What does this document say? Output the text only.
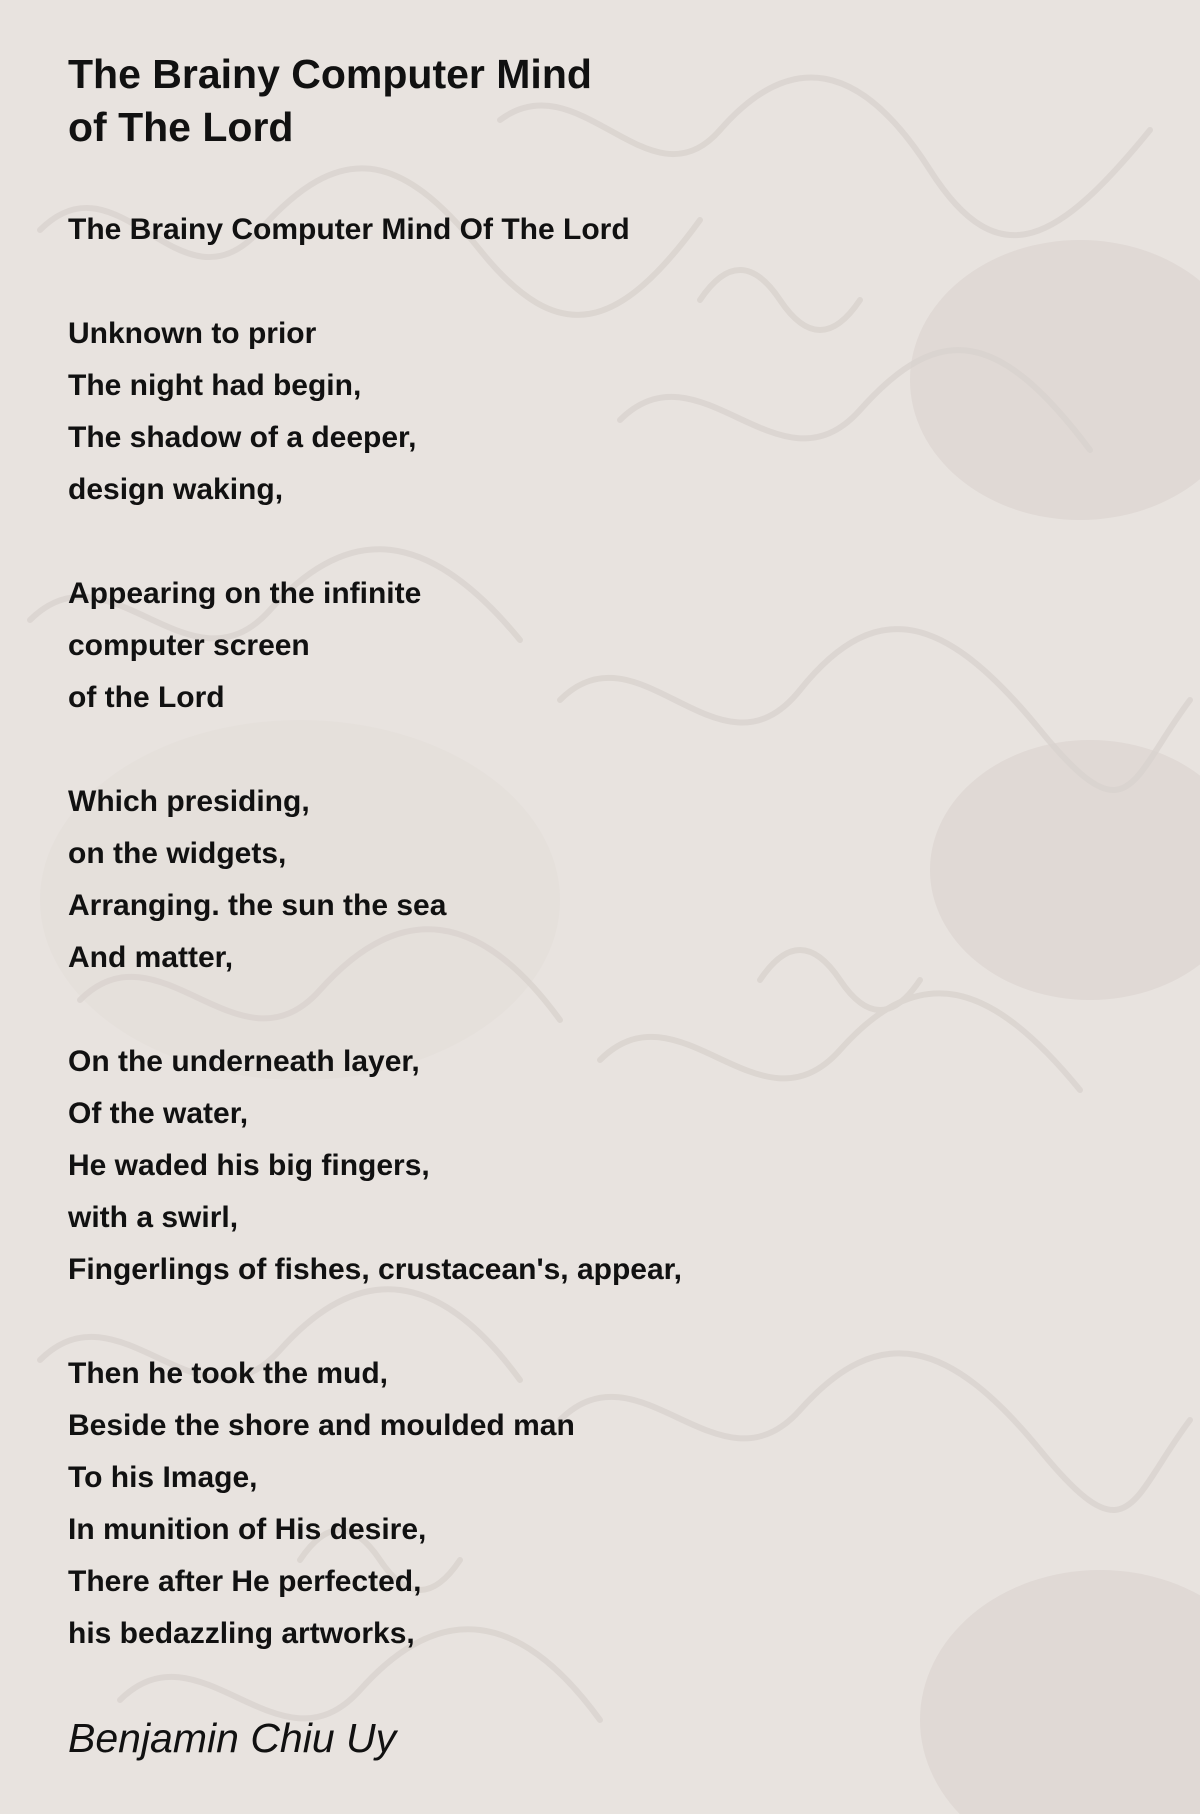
The Brainy Computer Mind
of The Lord
The Brainy Computer Mind Of The Lord
Unknown to prior
The night had begin,
The shadow of a deeper,
design waking,
Appearing on the infinite
computer screen
of the Lord
Which presiding,
on the widgets,
Arranging. the sun the sea
And matter,
On the underneath layer,
Of the water,
He waded his big fingers,
with a swirl,
Fingerlings of fishes, crustacean's, appear,
Then he took the mud,
Beside the shore and moulded man
To his Image,
In munition of His desire,
There after He perfected,
his bedazzling artworks,
Benjamin Chiu Uy
